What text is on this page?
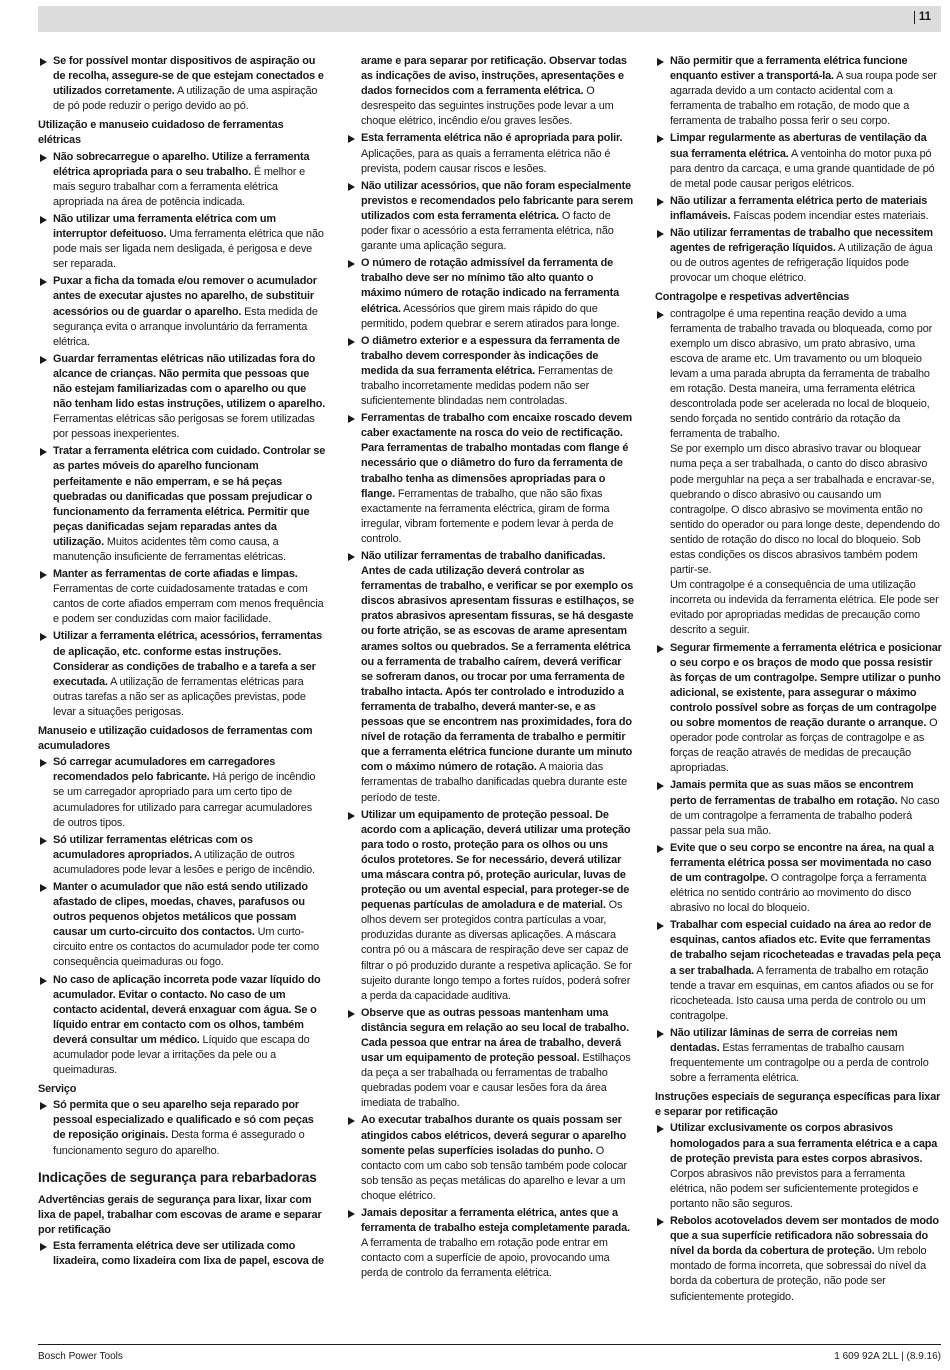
11
Se for possível montar dispositivos de aspiração ou de recolha, assegure-se de que estejam conectados e utilizados corretamente. A utilização de uma aspiração de pó pode reduzir o perigo devido ao pó.
Utilização e manuseio cuidadoso de ferramentas elétricas
Não sobrecarregue o aparelho. Utilize a ferramenta elétrica apropriada para o seu trabalho. É melhor e mais seguro trabalhar com a ferramenta elétrica apropriada na área de potência indicada.
Não utilizar uma ferramenta elétrica com um interruptor defeituoso. Uma ferramenta elétrica que não pode mais ser ligada nem desligada, é perigosa e deve ser reparada.
Puxar a ficha da tomada e/ou remover o acumulador antes de executar ajustes no aparelho, de substituir acessórios ou de guardar o aparelho. Esta medida de segurança evita o arranque involuntário da ferramenta elétrica.
Guardar ferramentas elétricas não utilizadas fora do alcance de crianças. Não permita que pessoas que não estejam familiarizadas com o aparelho ou que não tenham lido estas instruções, utilizem o aparelho. Ferramentas elétricas são perigosas se forem utilizadas por pessoas inexperientes.
Tratar a ferramenta elétrica com cuidado. Controlar se as partes móveis do aparelho funcionam perfeitamente e não emperram, e se há peças quebradas ou danificadas que possam prejudicar o funcionamento da ferramenta elétrica. Permitir que peças danificadas sejam reparadas antes da utilização. Muitos acidentes têm como causa, a manutenção insuficiente de ferramentas elétricas.
Manter as ferramentas de corte afiadas e limpas. Ferramentas de corte cuidadosamente tratadas e com cantos de corte afiados emperram com menos frequência e podem ser conduzidas com maior facilidade.
Utilizar a ferramenta elétrica, acessórios, ferramentas de aplicação, etc. conforme estas instruções. Considerar as condições de trabalho e a tarefa a ser executada. A utilização de ferramentas elétricas para outras tarefas a não ser as aplicações previstas, pode levar a situações perigosas.
Manuseio e utilização cuidadosos de ferramentas com acumuladores
Só carregar acumuladores em carregadores recomendados pelo fabricante. Há perigo de incêndio se um carregador apropriado para um certo tipo de acumuladores for utilizado para carregar acumuladores de outros tipos.
Só utilizar ferramentas elétricas com os acumuladores apropriados. A utilização de outros acumuladores pode levar a lesões e perigo de incêndio.
Manter o acumulador que não está sendo utilizado afastado de clipes, moedas, chaves, parafusos ou outros pequenos objetos metálicos que possam causar um curto-circuito dos contactos. Um curto-circuito entre os contactos do acumulador pode ter como consequência queimaduras ou fogo.
No caso de aplicação incorreta pode vazar líquido do acumulador. Evitar o contacto. No caso de um contacto acidental, deverá enxaguar com água. Se o líquido entrar em contacto com os olhos, também deverá consultar um médico. Líquido que escapa do acumulador pode levar a irritações da pele ou a queimaduras.
Serviço
Só permita que o seu aparelho seja reparado por pessoal especializado e qualificado e só com peças de reposição originais. Desta forma é assegurado o funcionamento seguro do aparelho.
Indicações de segurança para rebarbadoras
Advertências gerais de segurança para lixar, lixar com lixa de papel, trabalhar com escovas de arame e separar por retificação
Esta ferramenta elétrica deve ser utilizada como lixadeira, como lixadeira com lixa de papel, escova de
arame e para separar por retificação. Observar todas as indicações de aviso, instruções, apresentações e dados fornecidos com a ferramenta elétrica. O desrespeito das seguintes instruções pode levar a um choque elétrico, incêndio e/ou graves lesões.
Esta ferramenta elétrica não é apropriada para polir. Aplicações, para as quais a ferramenta elétrica não é prevista, podem causar riscos e lesões.
Não utilizar acessórios, que não foram especialmente previstos e recomendados pelo fabricante para serem utilizados com esta ferramenta elétrica. O facto de poder fixar o acessório a esta ferramenta elétrica, não garante uma aplicação segura.
O número de rotação admissível da ferramenta de trabalho deve ser no mínimo tão alto quanto o máximo número de rotação indicado na ferramenta elétrica. Acessórios que girem mais rápido do que permitido, podem quebrar e serem atirados para longe.
O diâmetro exterior e a espessura da ferramenta de trabalho devem corresponder às indicações de medida da sua ferramenta elétrica. Ferramentas de trabalho incorretamente medidas podem não ser suficientemente blindadas nem controladas.
Ferramentas de trabalho com encaixe roscado devem caber exactamente na rosca do veio de rectificação. Para ferramentas de trabalho montadas com flange é necessário que o diâmetro do furo da ferramenta de trabalho tenha as dimensões apropriadas para o flange. Ferramentas de trabalho, que não são fixas exactamente na ferramenta eléctrica, giram de forma irregular, vibram fortemente e podem levar à perda de controlo.
Não utilizar ferramentas de trabalho danificadas. Antes de cada utilização deverá controlar as ferramentas de trabalho, e verificar se por exemplo os discos abrasivos apresentam fissuras e estilhaços, se pratos abrasivos apresentam fissuras, se há desgaste ou forte atrição, se as escovas de arame apresentam arames soltos ou quebrados. Se a ferramenta elétrica ou a ferramenta de trabalho caírem, deverá verificar se sofreram danos, ou trocar por uma ferramenta de trabalho intacta. Após ter controlado e introduzido a ferramenta de trabalho, deverá manter-se, e as pessoas que se encontrem nas proximidades, fora do nível de rotação da ferramenta de trabalho e permitir que a ferramenta elétrica funcione durante um minuto com o máximo número de rotação. A maioria das ferramentas de trabalho danificadas quebra durante este período de teste.
Utilizar um equipamento de proteção pessoal. De acordo com a aplicação, deverá utilizar uma proteção para todo o rosto, proteção para os olhos ou uns óculos protetores. Se for necessário, deverá utilizar uma máscara contra pó, proteção auricular, luvas de proteção ou um avental especial, para proteger-se de pequenas partículas de amoladura e de material. Os olhos devem ser protegidos contra partículas a voar, produzidas durante as diversas aplicações. A máscara contra pó ou a máscara de respiração deve ser capaz de filtrar o pó produzido durante a respetiva aplicação. Se for sujeito durante longo tempo a fortes ruídos, poderá sofrer a perda da capacidade auditiva.
Observe que as outras pessoas mantenham uma distância segura em relação ao seu local de trabalho. Cada pessoa que entrar na área de trabalho, deverá usar um equipamento de proteção pessoal. Estilhaços da peça a ser trabalhada ou ferramentas de trabalho quebradas podem voar e causar lesões fora da área imediata de trabalho.
Ao executar trabalhos durante os quais possam ser atingidos cabos elétricos, deverá segurar o aparelho somente pelas superfícies isoladas do punho. O contacto com um cabo sob tensão também pode colocar sob tensão as peças metálicas do aparelho e levar a um choque elétrico.
Jamais depositar a ferramenta elétrica, antes que a ferramenta de trabalho esteja completamente parada. A ferramenta de trabalho em rotação pode entrar em contacto com a superfície de apoio, provocando uma perda de controlo da ferramenta elétrica.
Não permitir que a ferramenta elétrica funcione enquanto estiver a transportá-la. A sua roupa pode ser agarrada devido a um contacto acidental com a ferramenta de trabalho em rotação, de modo que a ferramenta de trabalho possa ferir o seu corpo.
Limpar regularmente as aberturas de ventilação da sua ferramenta elétrica. A ventoinha do motor puxa pó para dentro da carcaça, e uma grande quantidade de pó de metal pode causar perigos elétricos.
Não utilizar a ferramenta elétrica perto de materiais inflamáveis. Faíscas podem incendiar estes materiais.
Não utilizar ferramentas de trabalho que necessitem agentes de refrigeração líquidos. A utilização de água ou de outros agentes de refrigeração líquidos pode provocar um choque elétrico.
Contragolpe e respetivas advertências
contragolpe é uma repentina reação devido a uma ferramenta de trabalho travada ou bloqueada, como por exemplo um disco abrasivo, um prato abrasivo, uma escova de arame etc. Um travamento ou um bloqueio levam a uma parada abrupta da ferramenta de trabalho em rotação. Desta maneira, uma ferramenta elétrica descontrolada pode ser acelerada no local de bloqueio, sendo forçada no sentido contrário da rotação da ferramenta de trabalho.
Se por exemplo um disco abrasivo travar ou bloquear numa peça a ser trabalhada, o canto do disco abrasivo pode merguhlar na peça a ser trabalhada e encravar-se, quebrando o disco abrasivo ou causando um contragolpe. O disco abrasivo se movimenta então no sentido do operador ou para longe deste, dependendo do sentido de rotação do disco no local do bloqueio. Sob estas condições os discos abrasivos também podem partir-se.
Um contragolpe é a consequência de uma utilização incorreta ou indevida da ferramenta elétrica. Ele pode ser evitado por apropriadas medidas de precaução como descrito a seguir.
Segurar firmemente a ferramenta elétrica e posicionar o seu corpo e os braços de modo que possa resistir às forças de um contragolpe. Sempre utilizar o punho adicional, se existente, para assegurar o máximo controlo possível sobre as forças de um contragolpe ou sobre momentos de reação durante o arranque. O operador pode controlar as forças de contragolpe e as forças de reação através de medidas de precaução apropriadas.
Jamais permita que as suas mãos se encontrem perto de ferramentas de trabalho em rotação. No caso de um contragolpe a ferramenta de trabalho poderá passar pela sua mão.
Evite que o seu corpo se encontre na área, na qual a ferramenta elétrica possa ser movimentada no caso de um contragolpe. O contragolpe força a ferramenta elétrica no sentido contrário ao movimento do disco abrasivo no local do bloqueio.
Trabalhar com especial cuidado na área ao redor de esquinas, cantos afiados etc. Evite que ferramentas de trabalho sejam ricocheteadas e travadas pela peça a ser trabalhada. A ferramenta de trabalho em rotação tende a travar em esquinas, em cantos afiados ou se for ricocheteada. Isto causa uma perda de controlo ou um contragolpe.
Não utilizar lâminas de serra de correias nem dentadas. Estas ferramentas de trabalho causam frequentemente um contragolpe ou a perda de controlo sobre a ferramenta elétrica.
Instruções especiais de segurança específicas para lixar e separar por retificação
Utilizar exclusivamente os corpos abrasivos homologados para a sua ferramenta elétrica e a capa de proteção prevista para estes corpos abrasivos. Corpos abrasivos não previstos para a ferramenta elétrica, não podem ser suficientemente protegidos e portanto não são seguros.
Rebolos acotovelados devem ser montados de modo que a sua superfície retificadora não sobressaia do nível da borda da cobertura de proteção. Um rebolo montado de forma incorreta, que sobressai do nível da borda da cobertura de proteção, não pode ser suficientemente protegido.
Bosch Power Tools	1 609 92A 2LL | (8.9.16)
